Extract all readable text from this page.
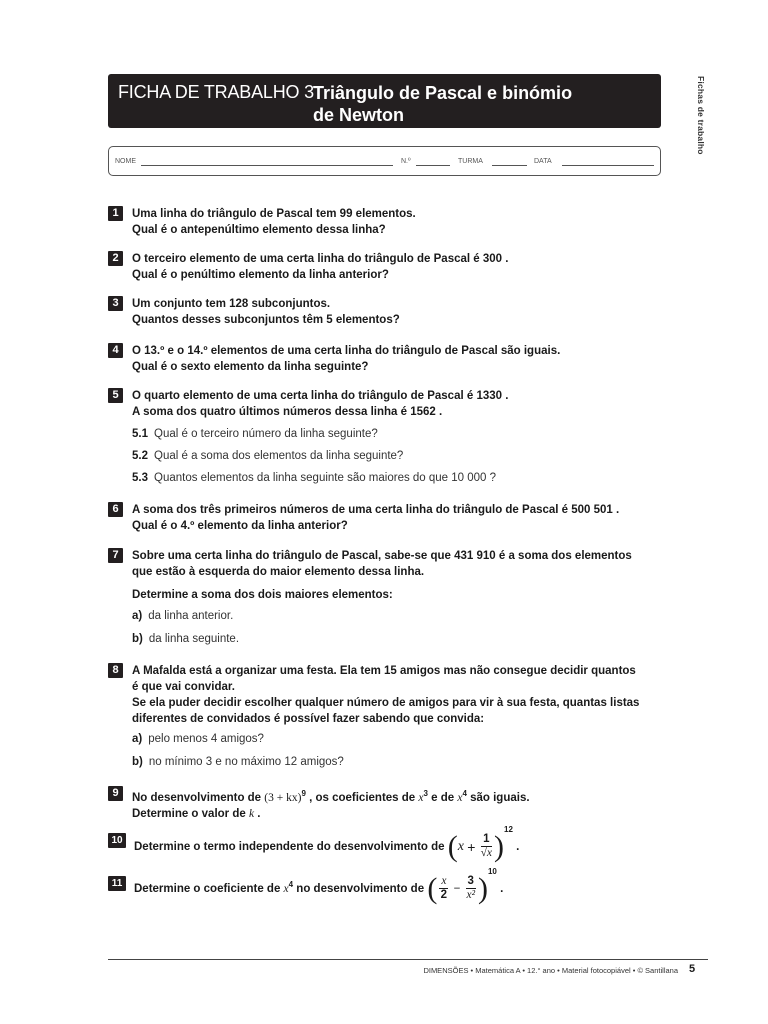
FICHA DE TRABALHO 3 Triângulo de Pascal e binómio
de Newton	Fichas de trabalho
NOME	N.º	TURMA	DATA
1	Uma linha do triângulo de Pascal tem 99 elementos.
Qual é o antepenúltimo elemento dessa linha?
2	O terceiro elemento de uma certa linha do triângulo de Pascal é 300 .
Qual é o penúltimo elemento da linha anterior?
3	Um conjunto tem 128 subconjuntos.
Quantos desses subconjuntos têm 5 elementos?
4	O 13.º e o 14.º elementos de uma certa linha do triângulo de Pascal são iguais.
Qual é o sexto elemento da linha seguinte?
5	O quarto elemento de uma certa linha do triângulo de Pascal é 1330 .
A soma dos quatro últimos números dessa linha é 1562 .
5.1 Qual é o terceiro número da linha seguinte?
5.2 Qual é a soma dos elementos da linha seguinte?
5.3 Quantos elementos da linha seguinte são maiores do que 10 000 ?
6	A soma dos três primeiros números de uma certa linha do triângulo de Pascal é 500 501 .
Qual é o 4.º elemento da linha anterior?
7	Sobre uma certa linha do triângulo de Pascal, sabe-se que 431 910 é a soma dos elementos
que estão à esquerda do maior elemento dessa linha.
Determine a soma dos dois maiores elementos:
a) da linha anterior.
b) da linha seguinte.
8	A Mafalda está a organizar uma festa. Ela tem 15 amigos mas não consegue decidir quantos
é que vai convidar.
Se ela puder decidir escolher qualquer número de amigos para vir à sua festa, quantas listas
diferentes de convidados é possível fazer sabendo que convida:
a) pelo menos 4 amigos?
b) no mínimo 3 e no máximo 12 amigos?
9	No desenvolvimento de (3 + kx)$^9$ , os coeficientes de $x^3$ e de $x^4$ são iguais.
Determine o valor de k .
10
Determine o termo independente do desenvolvimento de $(x + \frac{1}{√x} )^{12}$ .
11	Determine o coeficiente de $x^4$ no desenvolvimento de ( $\frac{x}{2} - \frac{3}{\text{x²}} )^{10}$ .
DIMENSÕES • Matemática A • 12.° ano • Material fotocopiável • © Santillana 5
